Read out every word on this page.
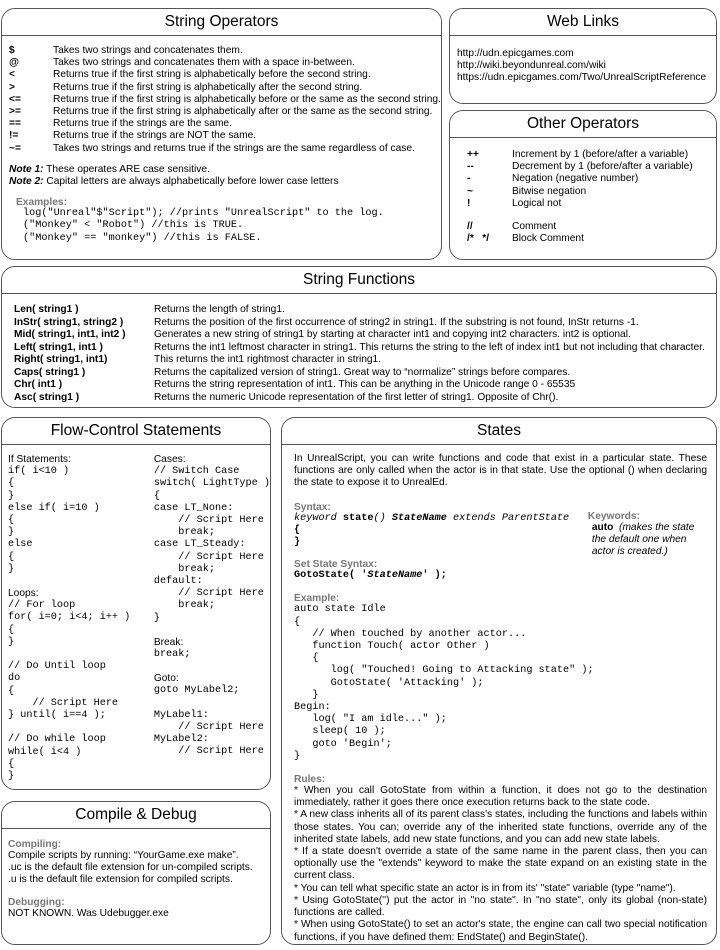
String Operators
$	Takes two strings and concatenates them.
@	Takes two strings and concatenates them with a space in-between.
<	Returns true if the first string is alphabetically before the second string.
>	Returns true if the first string is alphabetically after the second string.
<=	Returns true if the first string is alphabetically before or the same as the second string.
>=	Returns true if the first string is alphabetically after or the same as the second string.
==	Returns true if the strings are the same.
!=	Returns true if the strings are NOT the same.
~=	Takes two strings and returns true if the strings are the same regardless of case.
Note 1: These operates ARE case sensitive.
Note 2: Capital letters are always alphabetically before lower case letters
Examples:
log("Unreal"$"Script"); //prints "UnrealScript" to the log.
("Monkey" < "Robot") //this is TRUE.
("Monkey" == "monkey") //this is FALSE.
Web Links
http://udn.epicgames.com
http://wiki.beyondunreal.com/wiki
https://udn.epicgames.com/Two/UnrealScriptReference
Other Operators
++	Increment by 1 (before/after a variable)
--	Decrement by 1 (before/after a variable)
-	Negation (negative number)
~	Bitwise negation
!	Logical not
//	Comment
/*   */	Block Comment
String Functions
Len( string1 )	Returns the length of string1.
InStr( string1, string2 )	Returns the position of the first occurrence of string2 in string1. If the substring is not found, InStr returns -1.
Mid( string1, int1, int2 )	Generates a new string of string1 by starting at character int1 and copying int2 characters. int2 is optional.
Left( string1, int1 )	Returns the int1 leftmost character in string1. This returns the string to the left of index int1 but not including that character.
Right( string1, int1)	This returns the int1 rightmost character in string1.
Caps( string1 )	Returns the capitalized version of string1. Great way to “normalize” strings before compares.
Chr( int1 )	Returns the string representation of int1. This can be anything in the Unicode range 0 - 65535
Asc( string1 )	Returns the numeric Unicode representation of the first letter of string1. Opposite of Chr().
Flow-Control Statements
If Statements:
if( i<10 )
{
}
else if( i=10 )
{
}
else
{
}
Loops:
// For loop
for( i=0; i<4; i++ )
{
}

// Do Until loop
do
{
// Script Here
} until( i==4 );

// Do while loop
while( i<4 )
{
}
Cases:
// Switch Case
switch( LightType )
{
case LT_None:
// Script Here
break;
case LT_Steady:
// Script Here
break;
default:
// Script Here
break;
}
Break:
break;
Goto:
goto MyLabel2;

MyLabel1:
// Script Here
MyLabel2:
// Script Here
Compile & Debug
Compiling:
Compile scripts by running: “YourGame.exe make”.
.uc is the default file extension for un-compiled scripts.
.u is the default file extension for compiled scripts.
Debugging:
NOT KNOWN. Was Udebugger.exe
States
In UnrealScript, you can write functions and code that exist in a particular state. These functions are only called when the actor is in that state. Use the optional () when declaring the state to expose it to UnrealEd.
Syntax:
keyword state() StateName extends ParentState
{
}
Set State Syntax:
GotoState( 'StateName' );
Keywords:
auto (makes the state the default one when actor is created.)
Example:
auto state Idle
{
// When touched by another actor...
function Touch( actor Other )
{
log( "Touched! Going to Attacking state" );
GotoState( 'Attacking' );
}
Begin:
log( "I am idle..." );
sleep( 10 );
goto 'Begin';
}
Rules:
* When you call GotoState from within a function, it does not go to the destination immediately, rather it goes there once execution returns back to the state code.
* A new class inherits all of its parent class's states, including the functions and labels within those states. You can; override any of the inherited state functions, override any of the inherited state labels, add new state functions, and you can add new state labels.
* If a state doesn't override a state of the same name in the parent class, then you can optionally use the "extends" keyword to make the state expand on an existing state in the current class.
* You can tell what specific state an actor is in from its' "state" variable (type "name").
* Using GotoState('') put the actor in "no state". In "no state", only its global (non-state) functions are called.
* When using GotoState() to set an actor's state, the engine can call two special notification functions, if you have defined them: EndState() and BeginState().
